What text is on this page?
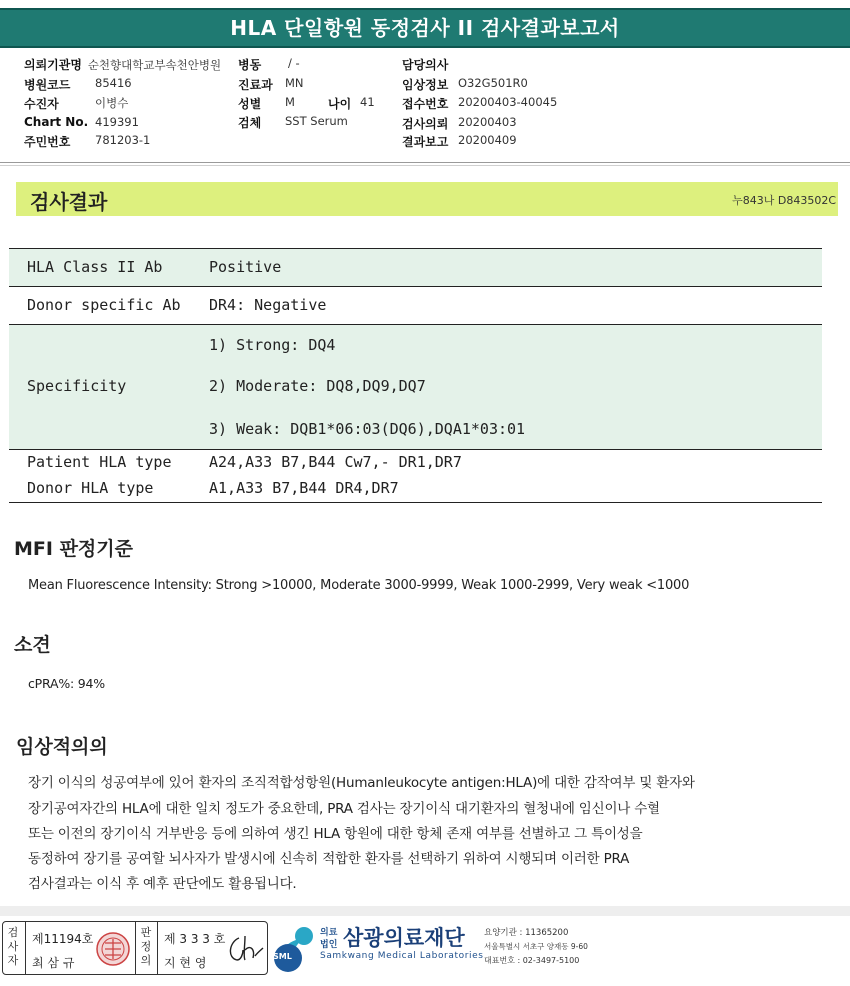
HLA 단일항원 동정검사 II 검사결과보고서
의뢰기관명 순천향대학교부속천안병원
병원코드 85416
수진자	이병수
Chart No. 419391
주민번호 781203-1
병동 / -
진료과 MN
성별 M	나이 41
검체 SST Serum
담당의사
임상정보 O32G501R0
접수번호 20200403-40045
검사의뢰 20200403
결과보고 20200409
검사결과	누843나 D843502C
HLA Class II Ab	Positive
Donor specific Ab DR4: Negative
Specificity
1) Strong: DQ4
2) Moderate: DQ8,DQ9,DQ7
3) Weak: DQB1*06:03(DQ6),DQA1*03:01
Patient HLA type	A24,A33 B7,B44 Cw7,- DR1,DR7
Donor HLA type	A1,A33 B7,B44 DR4,DR7
MFI 판정기준
Mean Fluorescence Intensity: Strong >10000, Moderate 3000-9999, Weak 1000-2999, Very weak <1000
소견
cPRA%: 94%
임상적의의
장기 이식의 성공여부에 있어 환자의 조직적합성항원(Humanleukocyte antigen:HLA)에 대한 감작여부 및 환자와
장기공여자간의 HLA에 대한 일치 정도가 중요한데, PRA 검사는 장기이식 대기환자의 혈청내에 임신이나 수혈
또는 이전의 장기이식 거부반응 등에 의하여 생긴 HLA 항원에 대한 항체 존재 여부를 선별하고 그 특이성을
동정하여 장기를 공여할 뇌사자가 발생시에 신속히 적합한 환자를 선택하기 위하여 시행되며 이러한 PRA
검사결과는 이식 후 예후 판단에도 활용됩니다.
검사자
제11194호
최 삼 규
판정의
제 3 3 3 호
지 현 영	SML
의료
법인 삼광의료재단
Samkwang Medical Laboratories
요양기관 : 11365200
서울특별시 서초구 양재동 9-60
대표번호 : 02-3497-5100
